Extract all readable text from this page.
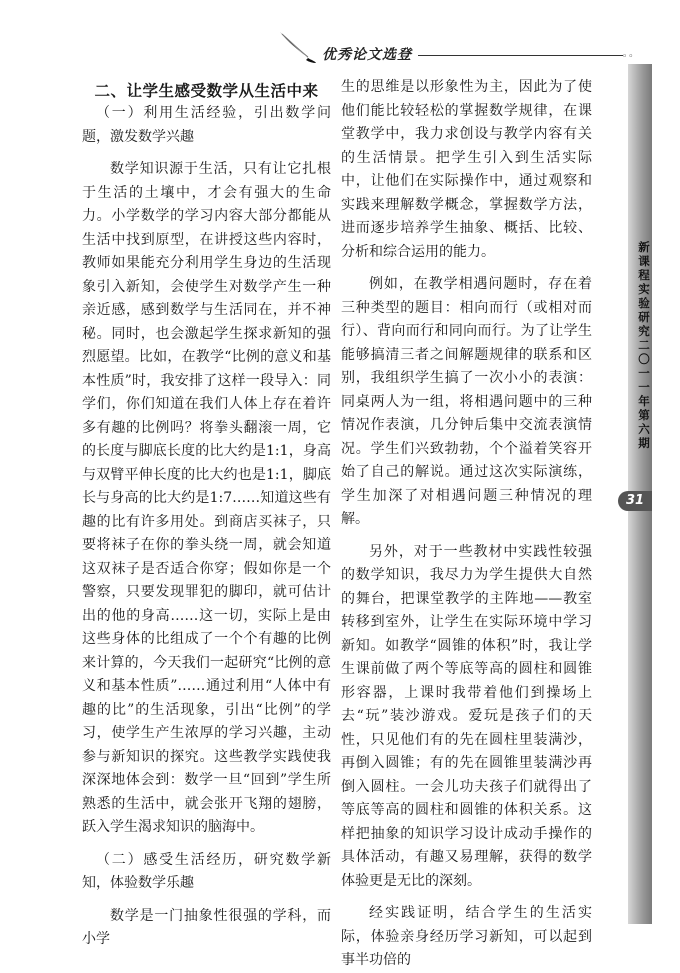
优秀论文选登	◦◦

二、让学生感受数学从生活中来

（一）利用生活经验，引出数学问题，激发数学兴趣

数学知识源于生活，只有让它扎根于生活的土壤中，才会有强大的生命力。小学数学的学习内容大部分都能从生活中找到原型，在讲授这些内容时，教师如果能充分利用学生身边的生活现象引入新知，会使学生对数学产生一种亲近感，感到数学与生活同在，并不神秘。同时，也会激起学生探求新知的强烈愿望。比如，在教学“比例的意义和基本性质”时，我安排了这样一段导入：同学们，你们知道在我们人体上存在着许多有趣的比例吗？将拳头翻滚一周，它的长度与脚底长度的比大约是1:1，身高与双臂平伸长度的比大约也是1:1，脚底长与身高的比大约是1:7……知道这些有趣的比有许多用处。到商店买袜子，只要将袜子在你的拳头绕一周，就会知道这双袜子是否适合你穿；假如你是一个警察，只要发现罪犯的脚印，就可估计出的他的身高……这一切，实际上是由这些身体的比组成了一个个有趣的比例来计算的，今天我们一起研究“比例的意义和基本性质”……通过利用“人体中有趣的比”的生活现象，引出“比例”的学习，使学生产生浓厚的学习兴趣，主动参与新知识的探究。这些教学实践使我深深地体会到：数学一旦“回到”学生所熟悉的生活中，就会张开飞翔的翅膀，跃入学生渴求知识的脑海中。

（二）感受生活经历，研究数学新知，体验数学乐趣

数学是一门抽象性很强的学科，而小学

生的思维是以形象性为主，因此为了使他们能比较轻松的掌握数学规律，在课堂教学中，我力求创设与教学内容有关的生活情景。把学生引入到生活实际中，让他们在实际操作中，通过观察和实践来理解数学概念，掌握数学方法，进而逐步培养学生抽象、概括、比较、分析和综合运用的能力。

例如，在教学相遇问题时，存在着三种类型的题目：相向而行（或相对而行）、背向而行和同向而行。为了让学生能够搞清三者之间解题规律的联系和区别，我组织学生搞了一次小小的表演：同桌两人为一组，将相遇问题中的三种情况作表演，几分钟后集中交流表演情况。学生们兴致勃勃，个个溢着笑容开始了自己的解说。通过这次实际演练，学生加深了对相遇问题三种情况的理解。

另外，对于一些教材中实践性较强的数学知识，我尽力为学生提供大自然的舞台，把课堂教学的主阵地——教室转移到室外，让学生在实际环境中学习新知。如教学“圆锥的体积”时，我让学生课前做了两个等底等高的圆柱和圆锥形容器，上课时我带着他们到操场上去“玩”装沙游戏。爱玩是孩子们的天性，只见他们有的先在圆柱里装满沙，再倒入圆锥；有的先在圆锥里装满沙再倒入圆柱。一会儿功夫孩子们就得出了等底等高的圆柱和圆锥的体积关系。这样把抽象的知识学习设计成动手操作的具体活动，有趣又易理解，获得的数学体验更是无比的深刻。

经实践证明，结合学生的生活实际，体验亲身经历学习新知，可以起到事半功倍的

新课程实验研究 二〇一一年 第六期
31
